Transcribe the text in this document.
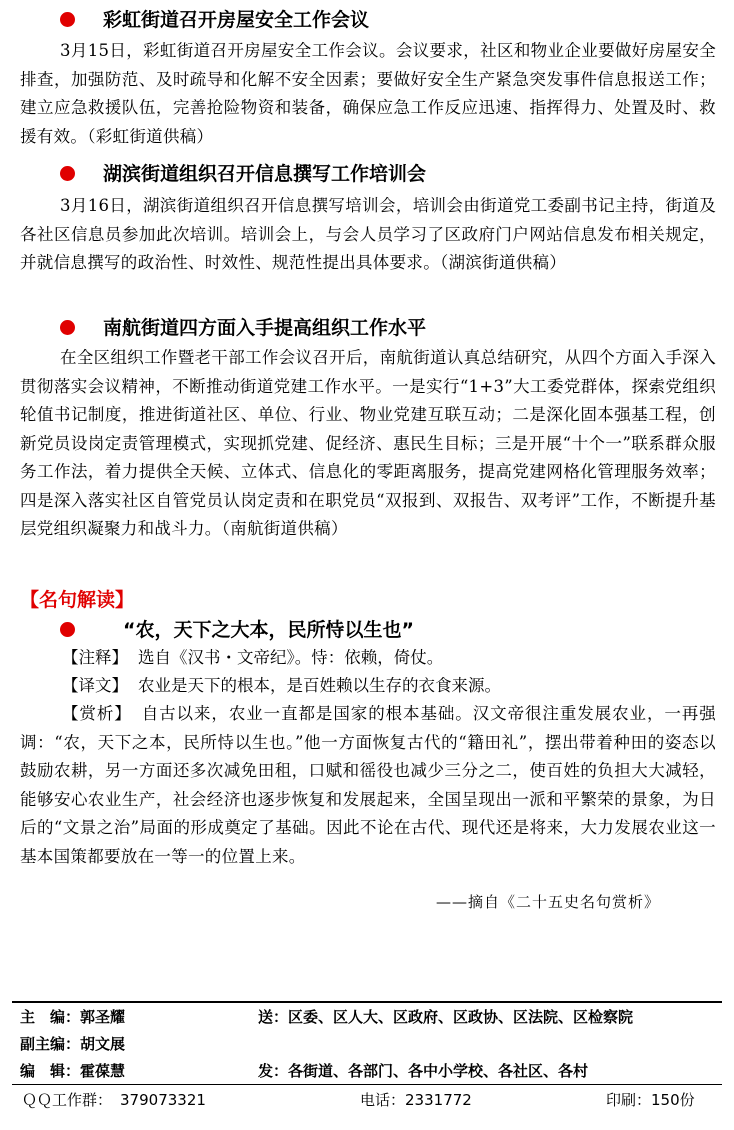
彩虹街道召开房屋安全工作会议
3月15日，彩虹街道召开房屋安全工作会议。会议要求，社区和物业企业要做好房屋安全排查，加强防范、及时疏导和化解不安全因素；要做好安全生产紧急突发事件信息报送工作；建立应急救援队伍，完善抢险物资和装备，确保应急工作反应迅速、指挥得力、处置及时、救援有效。（彩虹街道供稿）
湖滨街道组织召开信息撰写工作培训会
3月16日，湖滨街道组织召开信息撰写培训会，培训会由街道党工委副书记主持，街道及各社区信息员参加此次培训。培训会上，与会人员学习了区政府门户网站信息发布相关规定，并就信息撰写的政治性、时效性、规范性提出具体要求。（湖滨街道供稿）
南航街道四方面入手提高组织工作水平
在全区组织工作暨老干部工作会议召开后，南航街道认真总结研究，从四个方面入手深入贯彻落实会议精神，不断推动街道党建工作水平。一是实行“1+3”大工委党群体，探索党组织轮值书记制度，推进街道社区、单位、行业、物业党建互联互动；二是深化固本强基工程，创新党员设岗定责管理模式，实现抓党建、促经济、惠民生目标；三是开展“十个一”联系群众服务工作法，着力提供全天候、立体式、信息化的零距离服务，提高党建网格化管理服务效率；四是深入落实社区自管党员认岗定责和在职党员“双报到、双报告、双考评”工作，不断提升基层党组织凝聚力和战斗力。（南航街道供稿）
【名句解读】
“农，天下之大本，民所恃以生也”
【注释】 选自《汉书・文帝纪》。恃：依赖，倚仗。
【译文】 农业是天下的根本，是百姓赖以生存的衣食来源。
【赏析】 自古以来，农业一直都是国家的根本基础。汉文帝很注重发展农业，一再强调：“农，天下之本，民所恃以生也。”他一方面恢复古代的“籍田礼”，摆出带着种田的姿态以鼓励农耕，另一方面还多次减免田租，口赋和徭役也减少三分之二，使百姓的负担大大减轻，能够安心农业生产，社会经济也逐步恢复和发展起来，全国呈现出一派和平繁荣的景象，为日后的“文景之治”局面的形成奠定了基础。因此不论在古代、现代还是将来，大力发展农业这一基本国策都要放在一等一的位置上来。
——摘自《二十五史名句赏析》
主　编：郭圣耀	送：区委、区人大、区政府、区政协、区法院、区检察院
副主编：胡文展
编　辑：霍葆慧	发：各街道、各部门、各中小学校、各社区、各村
ＱＱ工作群： 379073321	电话：2331772	印刷：150份
